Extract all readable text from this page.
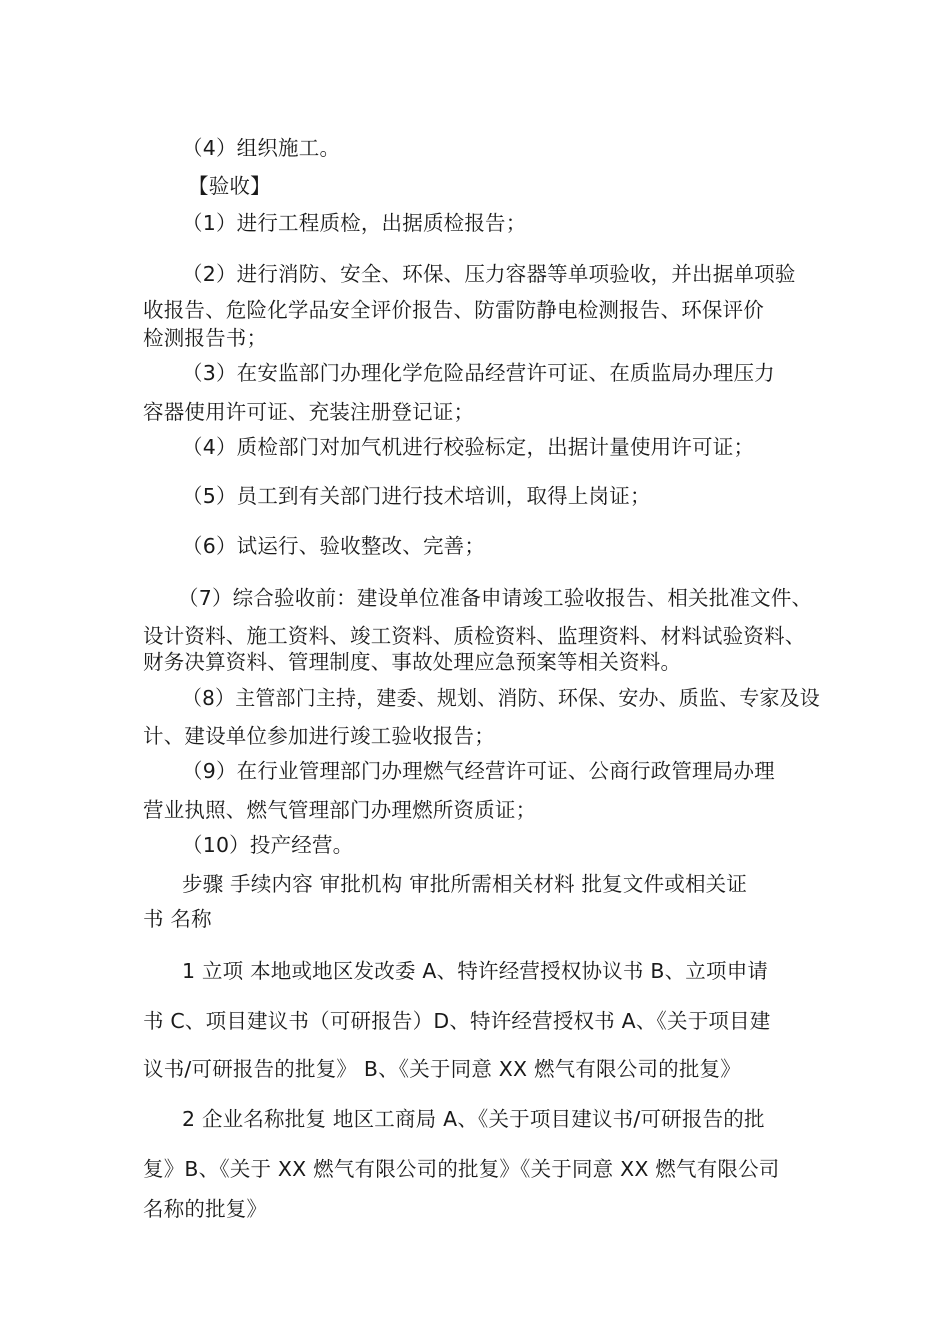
（4）组织施工。
【验收】
（1）进行工程质检，出据质检报告；
（2）进行消防、安全、环保、压力容器等单项验收，并出据单项验
收报告、危险化学品安全评价报告、防雷防静电检测报告、环保评价
检测报告书；
（3）在安监部门办理化学危险品经营许可证、在质监局办理压力
容器使用许可证、充装注册登记证；
（4）质检部门对加气机进行校验标定，出据计量使用许可证；
（5）员工到有关部门进行技术培训，取得上岗证；
（6）试运行、验收整改、完善；
（7）综合验收前：建设单位准备申请竣工验收报告、相关批准文件、
设计资料、施工资料、竣工资料、质检资料、监理资料、材料试验资料、
财务决算资料、管理制度、事故处理应急预案等相关资料。
（8）主管部门主持，建委、规划、消防、环保、安办、质监、专家及设
计、建设单位参加进行竣工验收报告；
（9）在行业管理部门办理燃气经营许可证、公商行政管理局办理
营业执照、燃气管理部门办理燃所资质证；
（10）投产经营。
步骤 手续内容 审批机构 审批所需相关材料 批复文件或相关证
书 名称
1 立项 本地或地区发改委 A、特许经营授权协议书 B、立项申请
书 C、项目建议书（可研报告）D、特许经营授权书 A、《关于项目建
议书/可研报告的批复》 B、《关于同意 XX 燃气有限公司的批复》
2 企业名称批复 地区工商局 A、《关于项目建议书/可研报告的批
复》B、《关于 XX 燃气有限公司的批复》《关于同意 XX 燃气有限公司
名称的批复》
